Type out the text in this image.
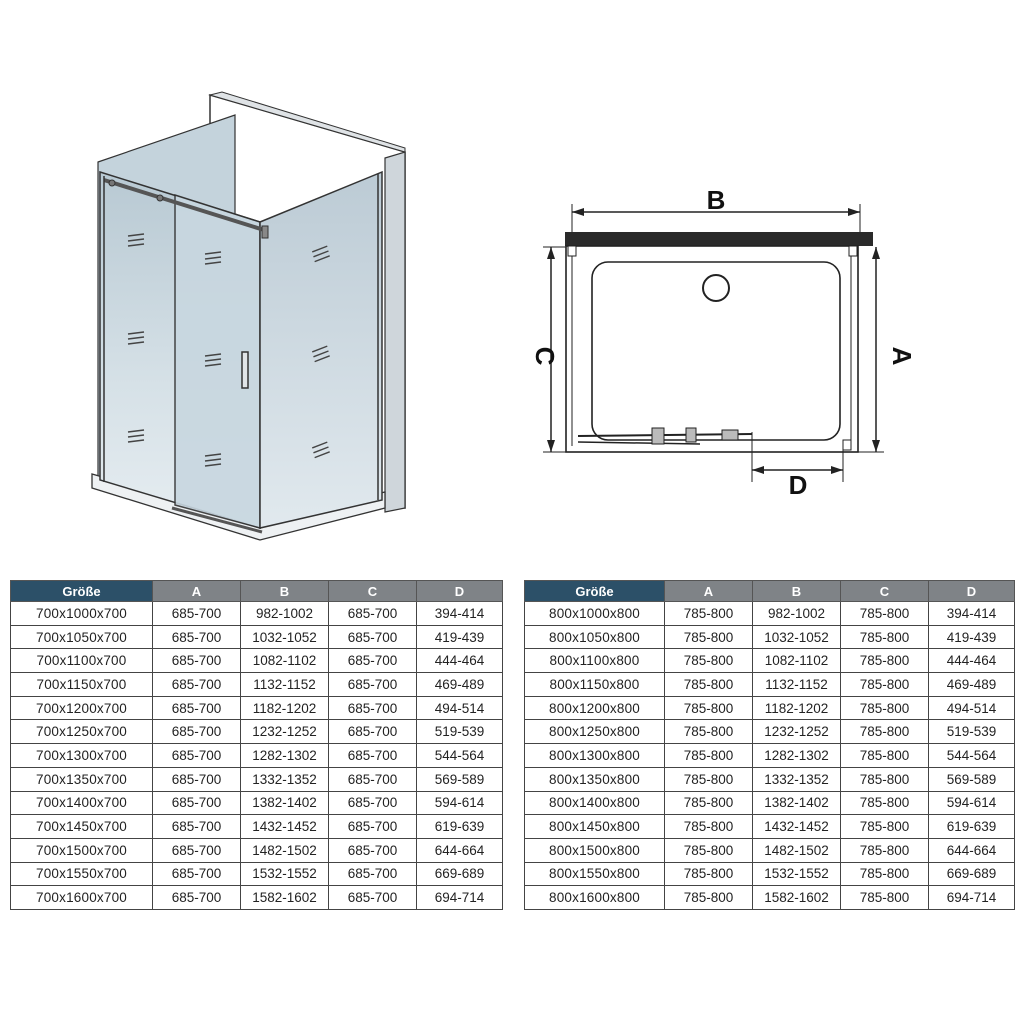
B
C	A
D
Größe	A	B	C	D
700x1000x700	685-700	982-1002	685-700	394-414
700x1050x700	685-700	1032-1052	685-700	419-439
700x1100x700	685-700	1082-1102	685-700	444-464
700x1150x700	685-700	1132-1152	685-700	469-489
700x1200x700	685-700	1182-1202	685-700	494-514
700x1250x700	685-700	1232-1252	685-700	519-539
700x1300x700	685-700	1282-1302	685-700	544-564
700x1350x700	685-700	1332-1352	685-700	569-589
700x1400x700	685-700	1382-1402	685-700	594-614
700x1450x700	685-700	1432-1452	685-700	619-639
700x1500x700	685-700	1482-1502	685-700	644-664
700x1550x700	685-700	1532-1552	685-700	669-689
700x1600x700	685-700	1582-1602	685-700	694-714
Größe	A	B	C	D
800x1000x800	785-800	982-1002	785-800	394-414
800x1050x800	785-800	1032-1052	785-800	419-439
800x1100x800	785-800	1082-1102	785-800	444-464
800x1150x800	785-800	1132-1152	785-800	469-489
800x1200x800	785-800	1182-1202	785-800	494-514
800x1250x800	785-800	1232-1252	785-800	519-539
800x1300x800	785-800	1282-1302	785-800	544-564
800x1350x800	785-800	1332-1352	785-800	569-589
800x1400x800	785-800	1382-1402	785-800	594-614
800x1450x800	785-800	1432-1452	785-800	619-639
800x1500x800	785-800	1482-1502	785-800	644-664
800x1550x800	785-800	1532-1552	785-800	669-689
800x1600x800	785-800	1582-1602	785-800	694-714
